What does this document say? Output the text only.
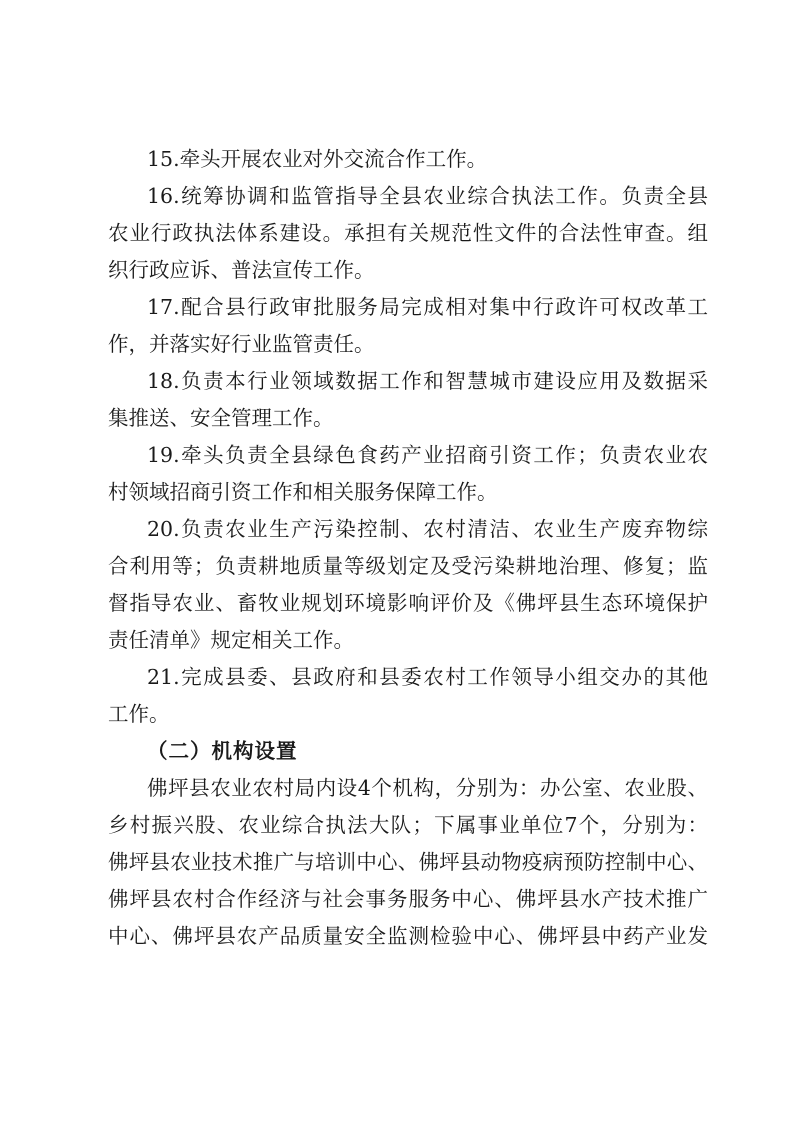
15.牵头开展农业对外交流合作工作。
16.统筹协调和监管指导全县农业综合执法工作。负责全县
农业行政执法体系建设。承担有关规范性文件的合法性审查。组
织行政应诉、普法宣传工作。
17.配合县行政审批服务局完成相对集中行政许可权改革工
作，并落实好行业监管责任。
18.负责本行业领域数据工作和智慧城市建设应用及数据采
集推送、安全管理工作。
19.牵头负责全县绿色食药产业招商引资工作；负责农业农
村领域招商引资工作和相关服务保障工作。
20.负责农业生产污染控制、农村清洁、农业生产废弃物综
合利用等；负责耕地质量等级划定及受污染耕地治理、修复；监
督指导农业、畜牧业规划环境影响评价及《佛坪县生态环境保护
责任清单》规定相关工作。
21.完成县委、县政府和县委农村工作领导小组交办的其他
工作。
（二）机构设置
佛坪县农业农村局内设4个机构，分别为：办公室、农业股、
乡村振兴股、农业综合执法大队；下属事业单位7个，分别为：
佛坪县农业技术推广与培训中心、佛坪县动物疫病预防控制中心、
佛坪县农村合作经济与社会事务服务中心、佛坪县水产技术推广
中心、佛坪县农产品质量安全监测检验中心、佛坪县中药产业发
